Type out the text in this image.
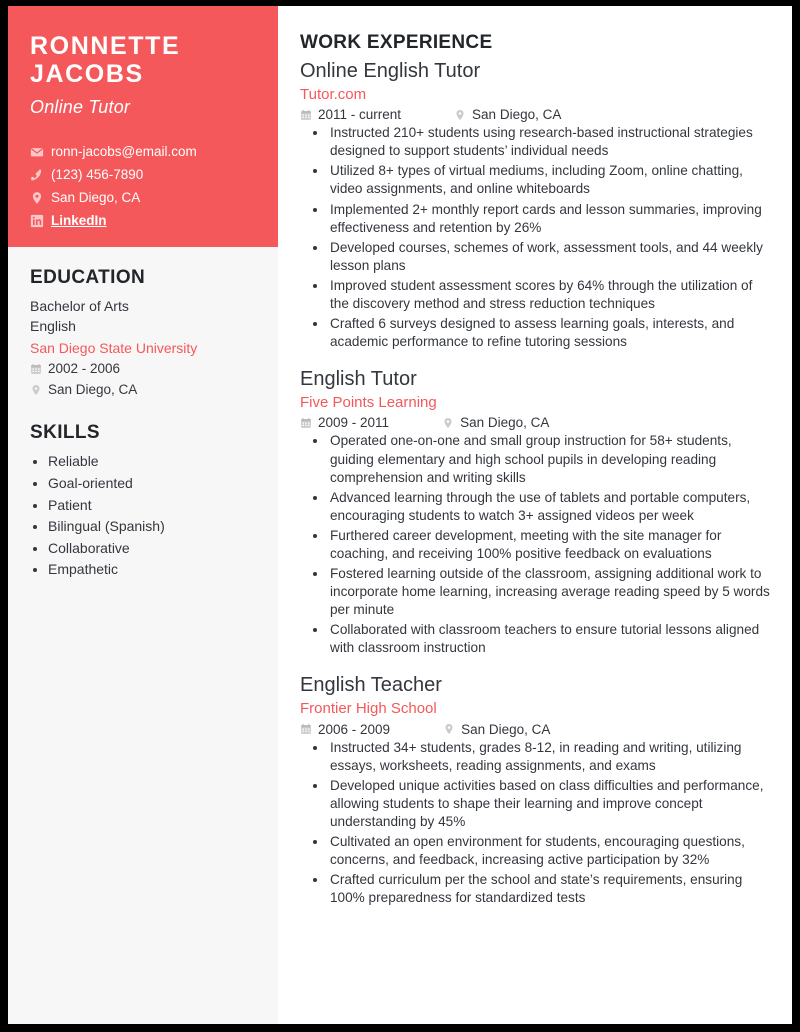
RONNETTE JACOBS
Online Tutor
ronn-jacobs@email.com
(123) 456-7890
San Diego, CA
LinkedIn
EDUCATION
Bachelor of Arts
English
San Diego State University
2002 - 2006
San Diego, CA
SKILLS
• Reliable
• Goal-oriented
• Patient
• Bilingual (Spanish)
• Collaborative
• Empathetic
WORK EXPERIENCE
Online English Tutor
Tutor.com
2011 - current	San Diego, CA
• Instructed 210+ students using research-based instructional strategies designed to support students’ individual needs
• Utilized 8+ types of virtual mediums, including Zoom, online chatting, video assignments, and online whiteboards
• Implemented 2+ monthly report cards and lesson summaries, improving effectiveness and retention by 26%
• Developed courses, schemes of work, assessment tools, and 44 weekly lesson plans
• Improved student assessment scores by 64% through the utilization of the discovery method and stress reduction techniques
• Crafted 6 surveys designed to assess learning goals, interests, and academic performance to refine tutoring sessions
English Tutor
Five Points Learning
2009 - 2011	San Diego, CA
• Operated one-on-one and small group instruction for 58+ students, guiding elementary and high school pupils in developing reading comprehension and writing skills
• Advanced learning through the use of tablets and portable computers, encouraging students to watch 3+ assigned videos per week
• Furthered career development, meeting with the site manager for coaching, and receiving 100% positive feedback on evaluations
• Fostered learning outside of the classroom, assigning additional work to incorporate home learning, increasing average reading speed by 5 words per minute
• Collaborated with classroom teachers to ensure tutorial lessons aligned with classroom instruction
English Teacher
Frontier High School
2006 - 2009	San Diego, CA
• Instructed 34+ students, grades 8-12, in reading and writing, utilizing essays, worksheets, reading assignments, and exams
• Developed unique activities based on class difficulties and performance, allowing students to shape their learning and improve concept understanding by 45%
• Cultivated an open environment for students, encouraging questions, concerns, and feedback, increasing active participation by 32%
• Crafted curriculum per the school and state’s requirements, ensuring 100% preparedness for standardized tests
